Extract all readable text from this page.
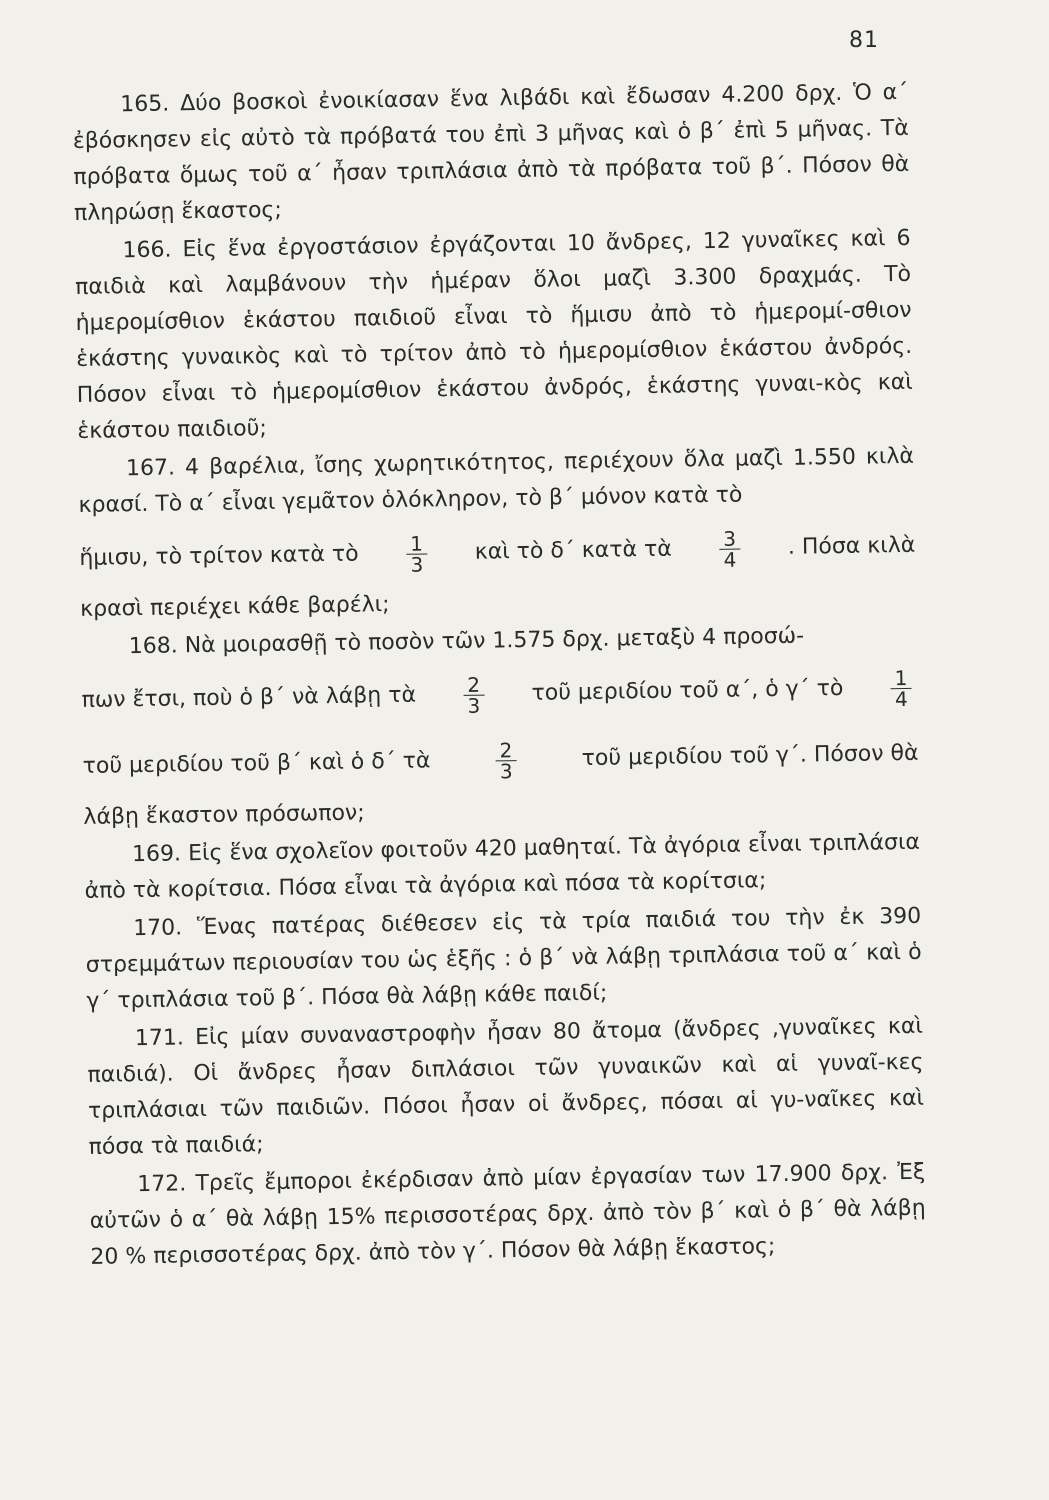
81
165. Δύο βοσκοὶ ἐνοικίασαν ἕνα λιβάδι καὶ ἔδωσαν 4.200 δρχ. Ὁ α΄ ἐβόσκησεν εἰς αὐτὸ τὰ πρόβατά του ἐπὶ 3 μῆνας καὶ ὁ β΄ ἐπὶ 5 μῆνας. Τὰ πρόβατα ὅμως τοῦ α΄ ἦσαν τριπλάσια ἀπὸ τὰ πρόβατα τοῦ β΄. Πόσον θὰ πληρώσῃ ἕκαστος;
166. Εἰς ἕνα ἐργοστάσιον ἐργάζονται 10 ἄνδρες, 12 γυναῖκες καὶ 6 παιδιὰ καὶ λαμβάνουν τὴν ἡμέραν ὅλοι μαζὶ 3.300 δραχμάς. Τὸ ἡμερομίσθιον ἑκάστου παιδιοῦ εἶναι τὸ ἥμισυ ἀπὸ τὸ ἡμερομί-σθιον ἑκάστης γυναικὸς καὶ τὸ τρίτον ἀπὸ τὸ ἡμερομίσθιον ἑκάστου ἀνδρός. Πόσον εἶναι τὸ ἡμερομίσθιον ἑκάστου ἀνδρός, ἑκάστης γυναι-κὸς καὶ ἑκάστου παιδιοῦ;
167. 4 βαρέλια, ἴσης χωρητικότητος, περιέχουν ὅλα μαζὶ 1.550 κιλὰ κρασί. Τὸ α΄ εἶναι γεμᾶτον ὁλόκληρον, τὸ β΄ μόνον κατὰ τὸ
ἥμισυ, τὸ τρίτον κατὰ τὸ $\frac{1}{3}$ καὶ τὸ δ΄ κατὰ τὰ $\frac{3}{4}$ . Πόσα κιλὰ
κρασὶ περιέχει κάθε βαρέλι;
168. Νὰ μοιρασθῇ τὸ ποσὸν τῶν 1.575 δρχ. μεταξὺ 4 προσώ-
πων ἔτσι, ποὺ ὁ β΄ νὰ λάβῃ τὰ $\frac{2}{3}$ τοῦ μεριδίου τοῦ α΄, ὁ γ΄ τὸ $\frac{1}{4}$
τοῦ μεριδίου τοῦ β΄ καὶ ὁ δ΄ τὰ	$\frac{2}{3}$	τοῦ μεριδίου τοῦ γ΄. Πόσον θὰ
λάβῃ ἕκαστον πρόσωπον;
169. Εἰς ἕνα σχολεῖον φοιτοῦν 420 μαθηταί. Τὰ ἀγόρια εἶναι τριπλάσια ἀπὸ τὰ κορίτσια. Πόσα εἶναι τὰ ἀγόρια καὶ πόσα τὰ κορίτσια;
170. Ἕνας πατέρας διέθεσεν εἰς τὰ τρία παιδιά του τὴν ἐκ 390 στρεμμάτων περιουσίαν του ὡς ἑξῆς : ὁ β΄ νὰ λάβῃ τριπλάσια τοῦ α΄ καὶ ὁ γ΄ τριπλάσια τοῦ β΄. Πόσα θὰ λάβῃ κάθε παιδί;
171. Εἰς μίαν συναναστροφὴν ἦσαν 80 ἄτομα (ἄνδρες ,γυναῖκες καὶ παιδιά). Οἱ ἄνδρες ἦσαν διπλάσιοι τῶν γυναικῶν καὶ αἱ γυναῖ-κες τριπλάσιαι τῶν παιδιῶν. Πόσοι ἦσαν οἱ ἄνδρες, πόσαι αἱ γυ-ναῖκες καὶ πόσα τὰ παιδιά;
172. Τρεῖς ἔμποροι ἐκέρδισαν ἀπὸ μίαν ἐργασίαν των 17.900 δρχ. Ἐξ αὐτῶν ὁ α΄ θὰ λάβῃ 15% περισσοτέρας δρχ. ἀπὸ τὸν β΄ καὶ ὁ β΄ θὰ λάβῃ 20 % περισσοτέρας δρχ. ἀπὸ τὸν γ΄. Πόσον θὰ λάβῃ ἕκαστος;
